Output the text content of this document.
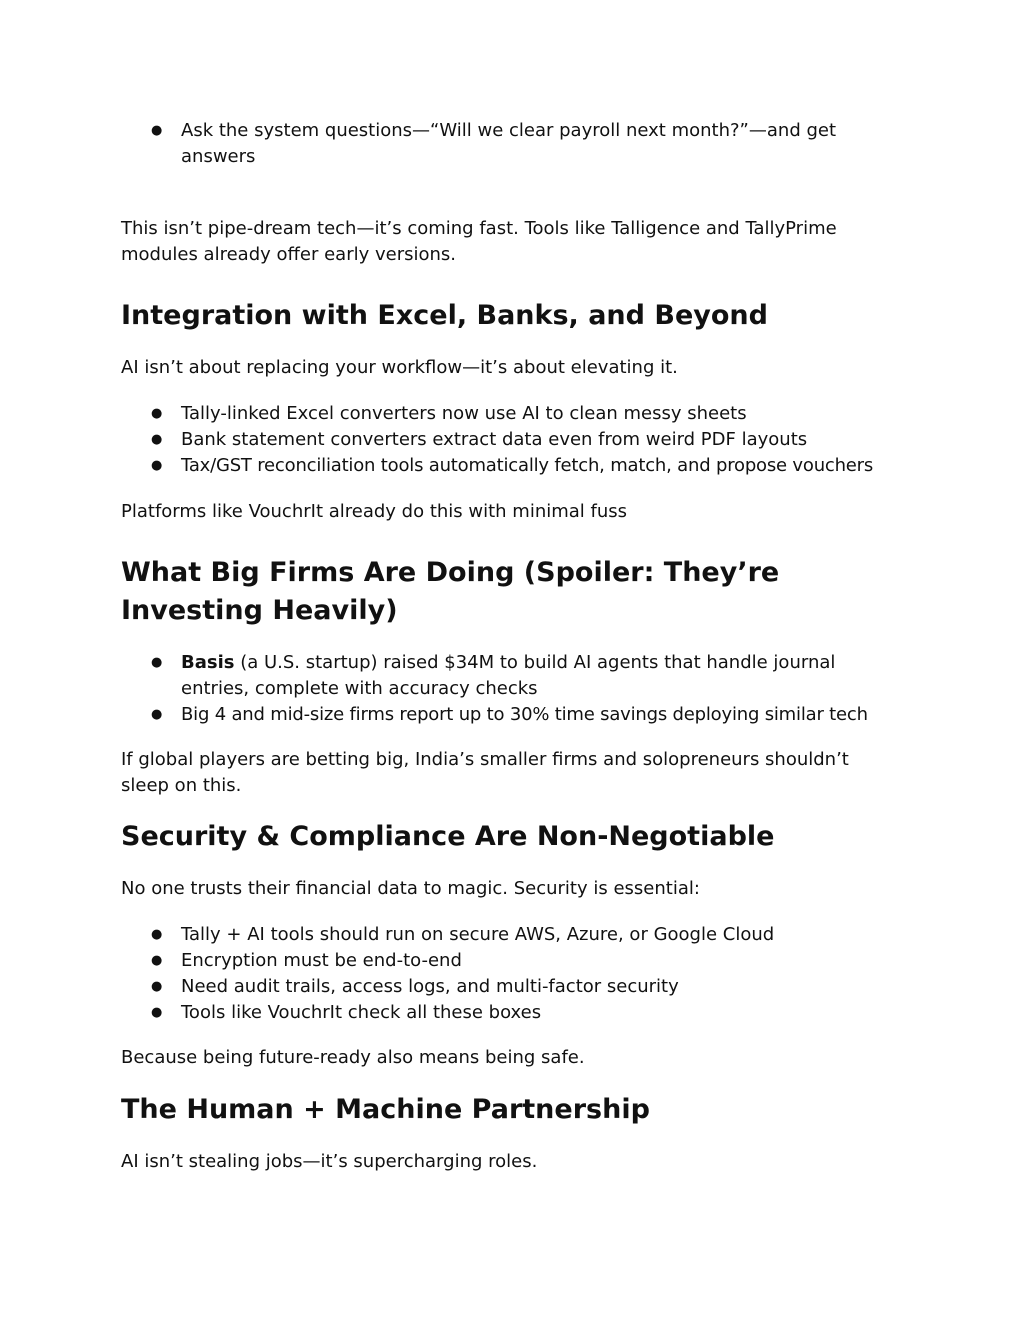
● Ask the system questions—“Will we clear payroll next month?”—and get answers

This isn’t pipe-dream tech—it’s coming fast. Tools like Talligence and TallyPrime modules already offer early versions.

Integration with Excel, Banks, and Beyond

AI isn’t about replacing your workflow—it’s about elevating it.

● Tally-linked Excel converters now use AI to clean messy sheets
● Bank statement converters extract data even from weird PDF layouts
● Tax/GST reconciliation tools automatically fetch, match, and propose vouchers

Platforms like VouchrIt already do this with minimal fuss

What Big Firms Are Doing (Spoiler: They’re Investing Heavily)
● Basis (a U.S. startup) raised $34M to build AI agents that handle journal entries, complete with accuracy checks
● Big 4 and mid-size firms report up to 30% time savings deploying similar tech

If global players are betting big, India’s smaller firms and solopreneurs shouldn’t sleep on this.

Security & Compliance Are Non-Negotiable

No one trusts their financial data to magic. Security is essential:

● Tally + AI tools should run on secure AWS, Azure, or Google Cloud
● Encryption must be end-to-end
● Need audit trails, access logs, and multi-factor security
● Tools like VouchrIt check all these boxes

Because being future-ready also means being safe.

The Human + Machine Partnership

AI isn’t stealing jobs—it’s supercharging roles.
